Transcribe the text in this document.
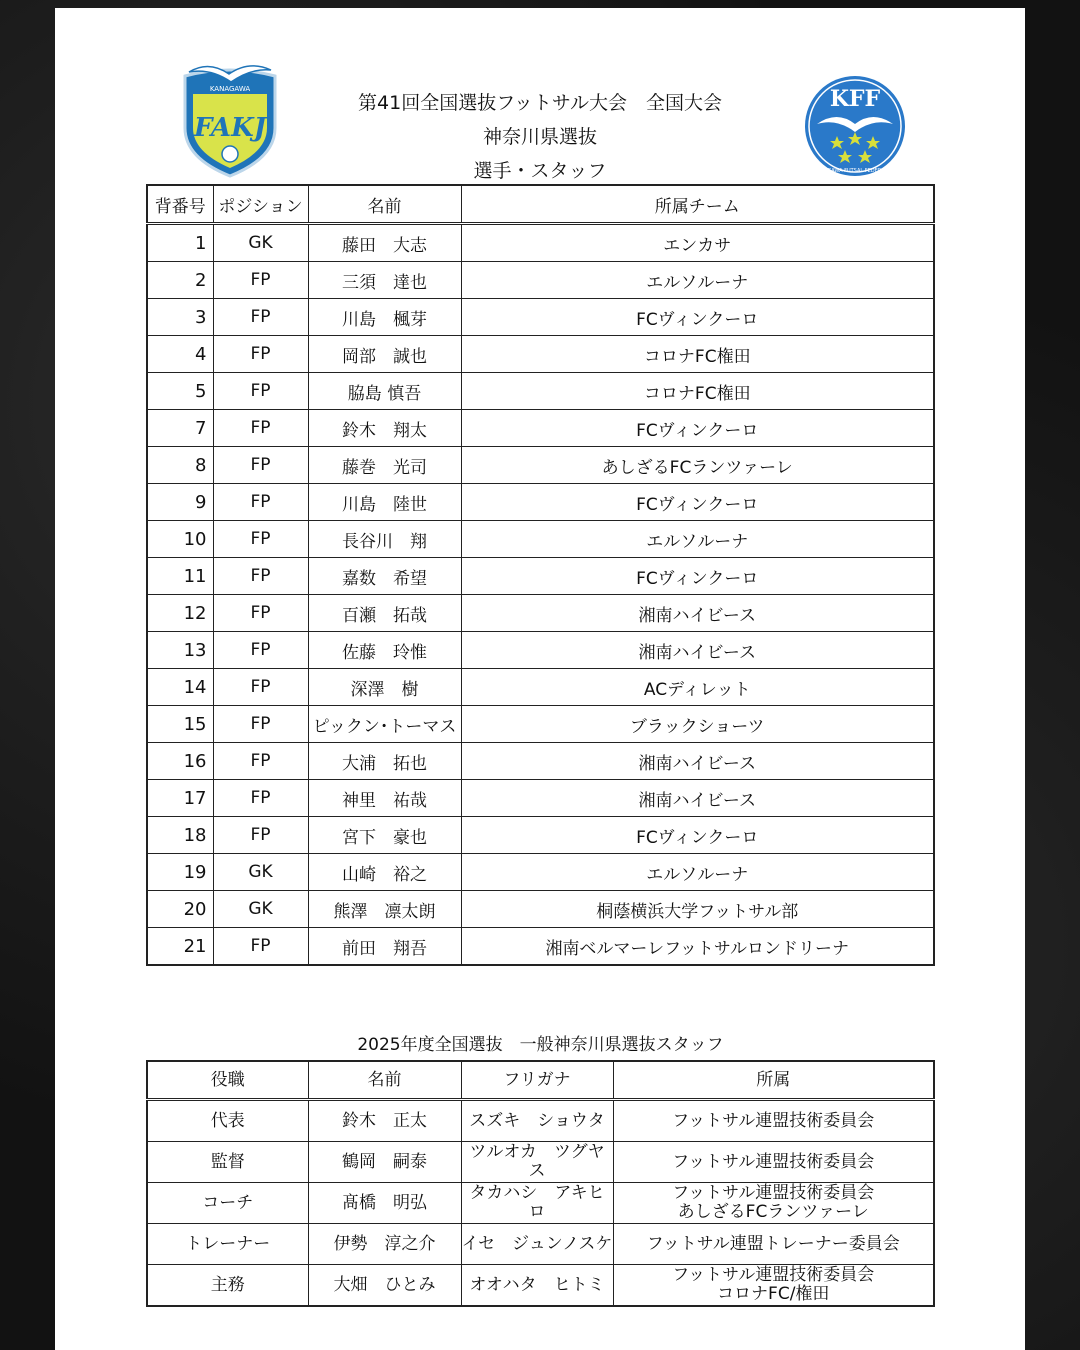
KANAGAWA
FAKJ
第41回全国選抜フットサル大会　全国大会
神奈川県選抜
選手・スタッフ
KFF
KANAGAWA FUTSAL FEDERATION
背番号	ポジション	名前	所属チーム
1	GK	藤田　大志	エンカサ
2	FP	三須　達也	エルソルーナ
3	FP	川島　楓芽	FCヴィンクーロ
4	FP	岡部　誠也	コロナFC権田
5	FP	脇島 慎吾	コロナFC権田
7	FP	鈴木　翔太	FCヴィンクーロ
8	FP	藤巻　光司	あしざるFCランツァーレ
9	FP	川島　陸世	FCヴィンクーロ
10	FP	長谷川　翔	エルソルーナ
11	FP	嘉数　希望	FCヴィンクーロ
12	FP	百瀬　拓哉	湘南ハイビース
13	FP	佐藤　玲惟	湘南ハイビース
14	FP	深澤　樹	ACディレット
15	FP	ピックン･トーマス	ブラックショーツ
16	FP	大浦　拓也	湘南ハイビース
17	FP	神里　祐哉	湘南ハイビース
18	FP	宮下　豪也	FCヴィンクーロ
19	GK	山崎　裕之	エルソルーナ
20	GK	熊澤　凛太朗	桐蔭横浜大学フットサル部
21	FP	前田　翔吾	湘南ベルマーレフットサルロンドリーナ
2025年度全国選抜　一般神奈川県選抜スタッフ
役職	名前	フリガナ	所属
代表	鈴木　正太	スズキ　ショウタ	フットサル連盟技術委員会

監督	鶴岡　嗣泰	ツルオカ　ツグヤス	フットサル連盟技術委員会

コーチ	髙橋　明弘	タカハシ　アキヒロ	フットサル連盟技術委員会
あしざるFCランツァーレ

トレーナー	伊勢　淳之介	イセ　ジュンノスケ	フットサル連盟トレーナー委員会

主務	大畑　ひとみ	オオハタ　ヒトミ	フットサル連盟技術委員会
コロナFC/権田
